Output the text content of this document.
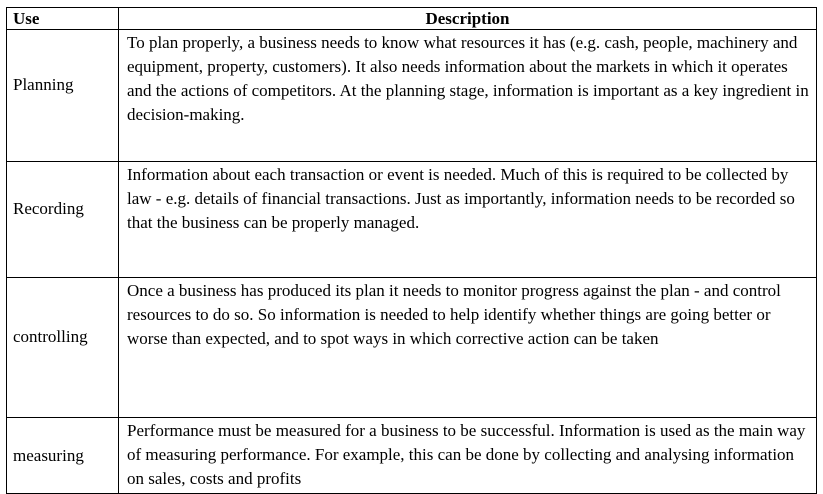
Use	Description
Planning	To plan properly, a business needs to know what resources it has (e.g. cash, people, machinery and equipment, property, customers). It also needs information about the markets in which it operates and the actions of competitors. At the planning stage, information is important as a key ingredient in decision-making.
Recording	Information about each transaction or event is needed. Much of this is required to be collected by law - e.g. details of financial transactions. Just as importantly, information needs to be recorded so that the business can be properly managed.
controlling	Once a business has produced its plan it needs to monitor progress against the plan - and control resources to do so. So information is needed to help identify whether things are going better or worse than expected, and to spot ways in which corrective action can be taken
measuring	Performance must be measured for a business to be successful. Information is used as the main way of measuring performance. For example, this can be done by collecting and analysing information on sales, costs and profits
